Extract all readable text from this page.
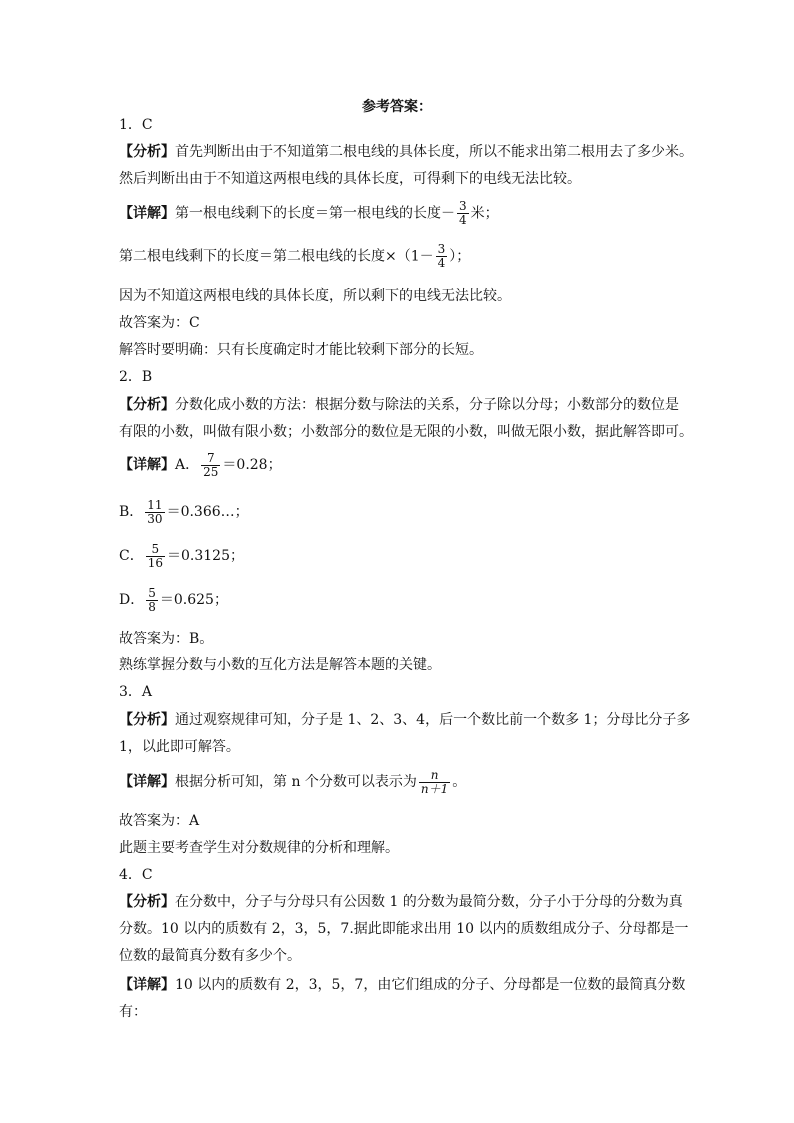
参考答案：
1．C
【分析】首先判断出由于不知道第二根电线的具体长度，所以不能求出第二根用去了多少米。
然后判断出由于不知道这两根电线的具体长度，可得剩下的电线无法比较。
【详解】第一根电线剩下的长度＝第一根电线的长度－ $\frac{3}{4}$ 米；
第二根电线剩下的长度＝第二根电线的长度$\times(1- \frac{3}{4}$ ）；
因为不知道这两根电线的具体长度，所以剩下的电线无法比较。
故答案为：C
解答时要明确：只有长度确定时才能比较剩下部分的长短。
2．B
【分析】分数化成小数的方法：根据分数与除法的关系，分子除以分母；小数部分的数位是
有限的小数，叫做有限小数；小数部分的数位是无限的小数，叫做无限小数，据此解答即可。
【详解】A． $\frac{7}{25} =0.28$；
B． $\frac{11}{30}$ ＝0.366…；
C． $\frac{5}{16} =0.3125$；
D． $\frac{5}{8} =0.625$；
故答案为：B。
熟练掌握分数与小数的互化方法是解答本题的关键。
3．A
【分析】通过观察规律可知，分子是 1、2、3、4，后一个数比前一个数多 1；分母比分子多
1，以此即可解答。
【详解】根据分析可知，第 n 个分数可以表示为 $\frac{n}{n+1}$ 。
故答案为：A
此题主要考查学生对分数规律的分析和理解。
4．C
【分析】在分数中，分子与分母只有公因数 1 的分数为最简分数，分子小于分母的分数为真
分数。10 以内的质数有 2，3，5，7.据此即能求出用 10 以内的质数组成分子、分母都是一
位数的最简真分数有多少个。
【详解】10 以内的质数有 2，3，5，7，由它们组成的分子、分母都是一位数的最简真分数
有：
